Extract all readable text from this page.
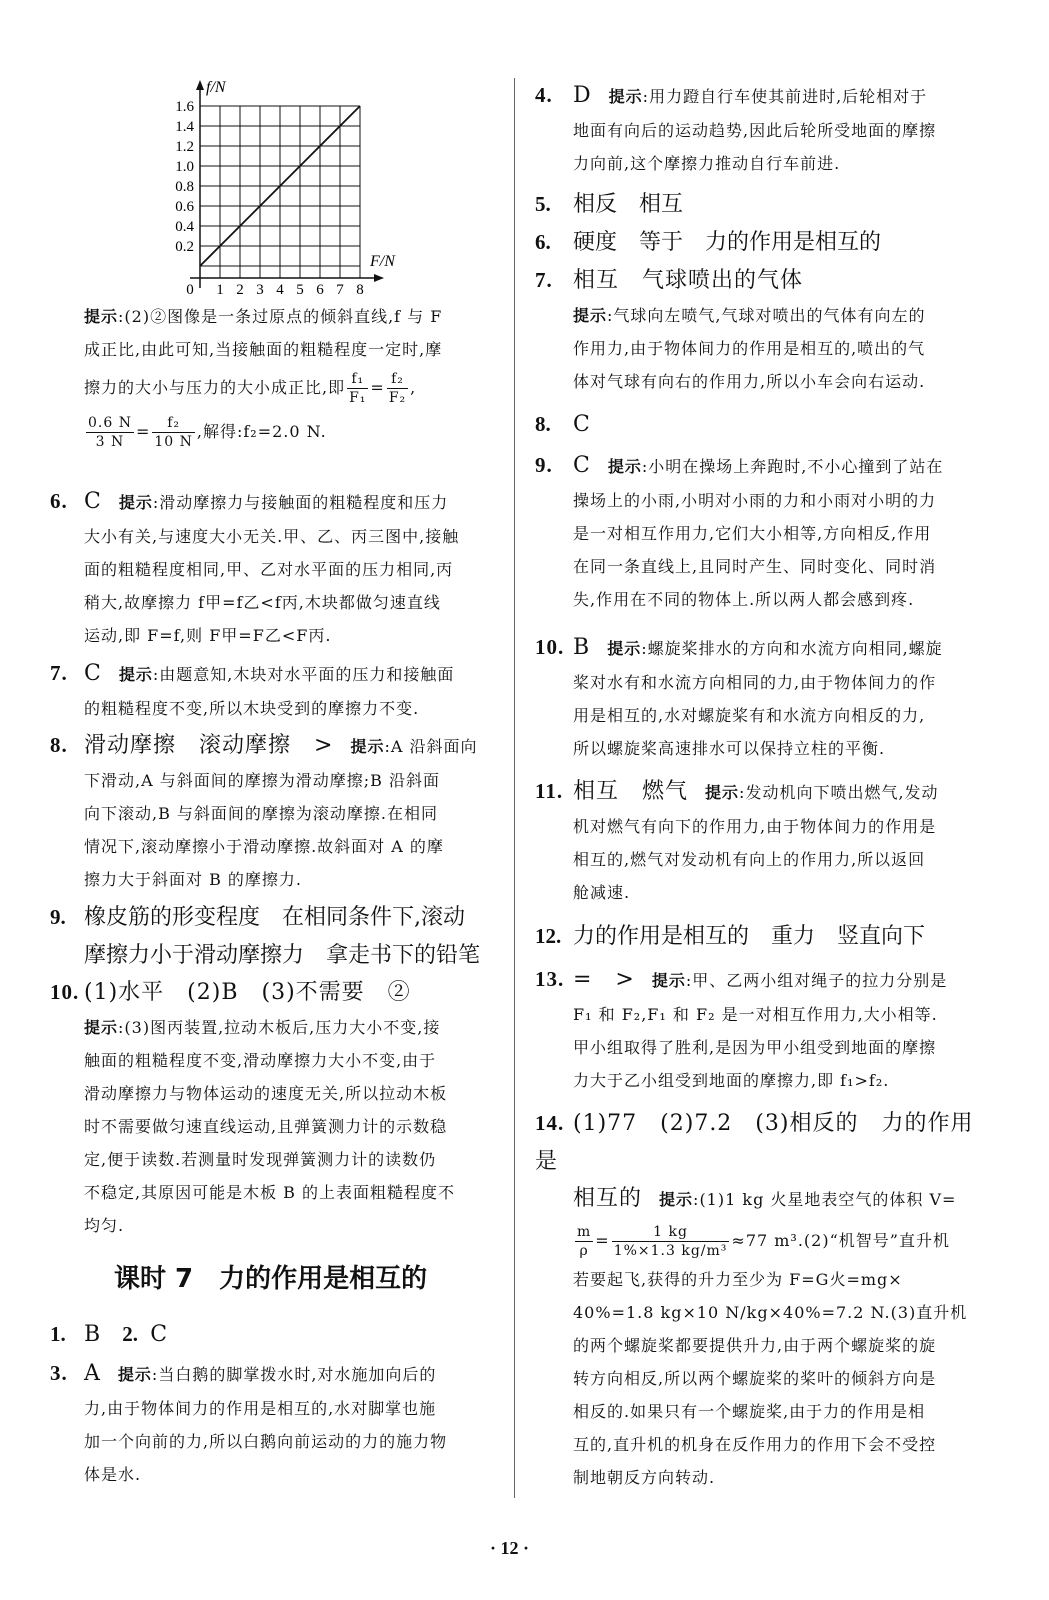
f/N
F/N
1.6
1.4
1.2
1.0
0.8
0.6
0.4
0.2
0 1 2 3 4 5 6 7 8

提示:(2)②图像是一条过原点的倾斜直线,f 与 F

成正比,由此可知,当接触面的粗糙程度一定时,摩

擦力的大小与压力的大小成正比,即 $\frac{\text{f₁}}{\text{F₁}} = \frac{\text{f₂}}{\text{F₂}}$ ,

$\frac{0.6 N}{3 N} = \frac{\text{f₂}}{10 N}$ ,解得:f₂=2.0 N.

6. C　 提示:滑动摩擦力与接触面的粗糙程度和压力

大小有关,与速度大小无关.甲、乙、丙三图中,接触

面的粗糙程度相同,甲、乙对水平面的压力相同,丙

稍大,故摩擦力 f甲=f乙<f丙,木块都做匀速直线

运动,即 F=f,则 F甲=F乙<F丙.

7. C　 提示:由题意知,木块对水平面的压力和接触面

的粗糙程度不变,所以木块受到的摩擦力不变.

8. 滑动摩擦　滚动摩擦　>　 提示:A 沿斜面向

下滑动,A 与斜面间的摩擦为滑动摩擦;B 沿斜面

向下滚动,B 与斜面间的摩擦为滚动摩擦.在相同

情况下,滚动摩擦小于滑动摩擦.故斜面对 A 的摩

擦力大于斜面对 B 的摩擦力.

9. 橡皮筋的形变程度　在相同条件下,滚动
摩擦力小于滑动摩擦力　拿走书下的铅笔

10. (1)水平　(2)B　(3)不需要　②

提示:(3)图丙装置,拉动木板后,压力大小不变,接

触面的粗糙程度不变,滑动摩擦力大小不变,由于

滑动摩擦力与物体运动的速度无关,所以拉动木板

时不需要做匀速直线运动,且弹簧测力计的示数稳

定,便于读数.若测量时发现弹簧测力计的读数仍

不稳定,其原因可能是木板 B 的上表面粗糙程度不

均匀.

课时 7　力的作用是相互的
1. B　 2. C

3. A　 提示:当白鹅的脚掌拨水时,对水施加向后的

力,由于物体间力的作用是相互的,水对脚掌也施

加一个向前的力,所以白鹅向前运动的力的施力物

体是水.

4. D　 提示:用力蹬自行车使其前进时,后轮相对于

地面有向后的运动趋势,因此后轮所受地面的摩擦

力向前,这个摩擦力推动自行车前进.

5. 相反　相互
6. 硬度　等于　力的作用是相互的

7. 相互　气球喷出的气体

提示:气球向左喷气,气球对喷出的气体有向左的

作用力,由于物体间力的作用是相互的,喷出的气

体对气球有向右的作用力,所以小车会向右运动.

8. C

9. C　 提示:小明在操场上奔跑时,不小心撞到了站在

操场上的小雨,小明对小雨的力和小雨对小明的力

是一对相互作用力,它们大小相等,方向相反,作用

在同一条直线上,且同时产生、同时变化、同时消

失,作用在不同的物体上.所以两人都会感到疼.

10. B　 提示:螺旋桨排水的方向和水流方向相同,螺旋

桨对水有和水流方向相同的力,由于物体间力的作

用是相互的,水对螺旋桨有和水流方向相反的力,

所以螺旋桨高速排水可以保持立柱的平衡.

11. 相互　燃气　 提示:发动机向下喷出燃气,发动

机对燃气有向下的作用力,由于物体间力的作用是

相互的,燃气对发动机有向上的作用力,所以返回

舱减速.

12. 力的作用是相互的　重力　竖直向下

13. =　>　 提示:甲、乙两小组对绳子的拉力分别是

F₁ 和 F₂,F₁ 和 F₂ 是一对相互作用力,大小相等.

甲小组取得了胜利,是因为甲小组受到地面的摩擦

力大于乙小组受到地面的摩擦力,即 f₁>f₂.

14. (1)77　(2)7.2　(3)相反的　力的作用是

相互的　 提示:(1)1 kg 火星地表空气的体积 V=

$\frac{m}{\rho} = \frac{1 kg}{\text{1\%×1.3 kg/m³}} \approx 77$ m³.(2)“机智号”直升机

若要起飞,获得的升力至少为 F=G火=mg×

40%=1.8 kg×10 N/kg×40%=7.2 N.(3)直升机

的两个螺旋桨都要提供升力,由于两个螺旋桨的旋

转方向相反,所以两个螺旋桨的桨叶的倾斜方向是

相反的.如果只有一个螺旋桨,由于力的作用是相

互的,直升机的机身在反作用力的作用下会不受控

制地朝反方向转动.

· 12 ·
